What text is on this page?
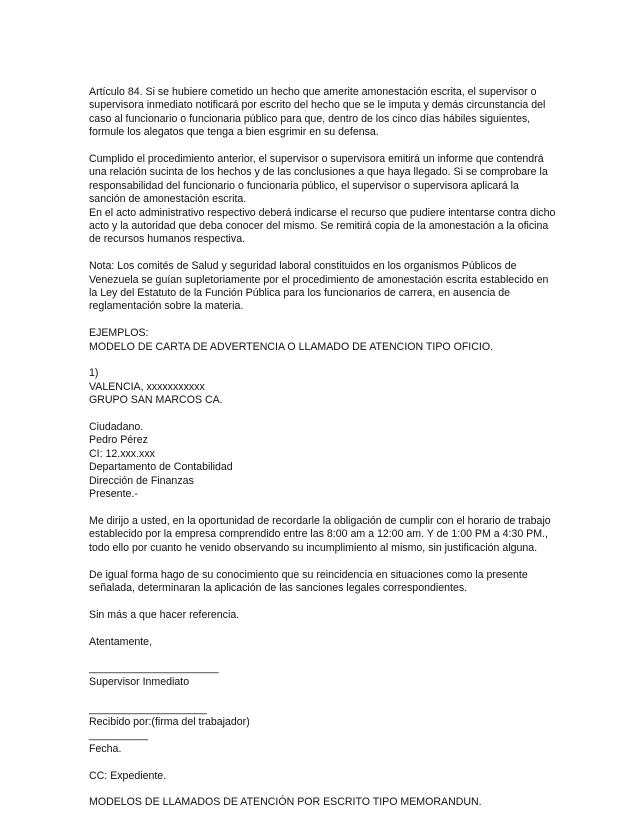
Artículo 84. Si se hubiere cometido un hecho que amerite amonestación escrita, el supervisor o
supervisora inmediato notificará por escrito del hecho que se le imputa y demás circunstancia del
caso al funcionario o funcionaria público para que, dentro de los cinco días hábiles siguientes,
formule los alegatos que tenga a bien esgrimir en su defensa.
Cumplido el procedimiento anterior, el supervisor o supervisora emitirá un informe que contendrá
una relación sucinta de los hechos y de las conclusiones a que haya llegado. Si se comprobare la
responsabilidad del funcionario o funcionaria público, el supervisor o supervisora aplicará la
sanción de amonestación escrita.
En el acto administrativo respectivo deberá indicarse el recurso que pudiere intentarse contra dicho
acto y la autoridad que deba conocer del mismo. Se remitirá copia de la amonestación a la oficina
de recursos humanos respectiva.
Nota: Los comités de Salud y seguridad laboral constituidos en los organismos Públicos de
Venezuela se guían supletoriamente por el procedimiento de amonestación escrita establecido en
la Ley del Estatuto de la Función Pública para los funcionarios de carrera, en ausencia de
reglamentación sobre la materia.
EJEMPLOS:
MODELO DE CARTA DE ADVERTENCIA O LLAMADO DE ATENCION TIPO OFICIO.
1)
VALENCIA, xxxxxxxxxxx
GRUPO SAN MARCOS CA.
Ciudadano.
Pedro Pérez
CI: 12.xxx.xxx
Departamento de Contabilidad
Dirección de Finanzas
Presente.-
Me dirijo a usted, en la oportunidad de recordarle la obligación de cumplir con el horario de trabajo
establecido por la empresa comprendido entre las 8:00 am a 12:00 am. Y de 1:00 PM a 4:30 PM.,
todo ello por cuanto he venido observando su incumplimiento al mismo, sin justificación alguna.
De igual forma hago de su conocimiento que su reincidencia en situaciones como la presente
señalada, determinaran la aplicación de las sanciones legales correspondientes.
Sin más a que hacer referencia.
Atentamente,
______________________
Supervisor Inmediato
____________________
Recibido por:(firma del trabajador)
__________
Fecha.
CC: Expediente.
MODELOS DE LLAMADOS DE ATENCIÓN POR ESCRITO TIPO MEMORANDUN.
